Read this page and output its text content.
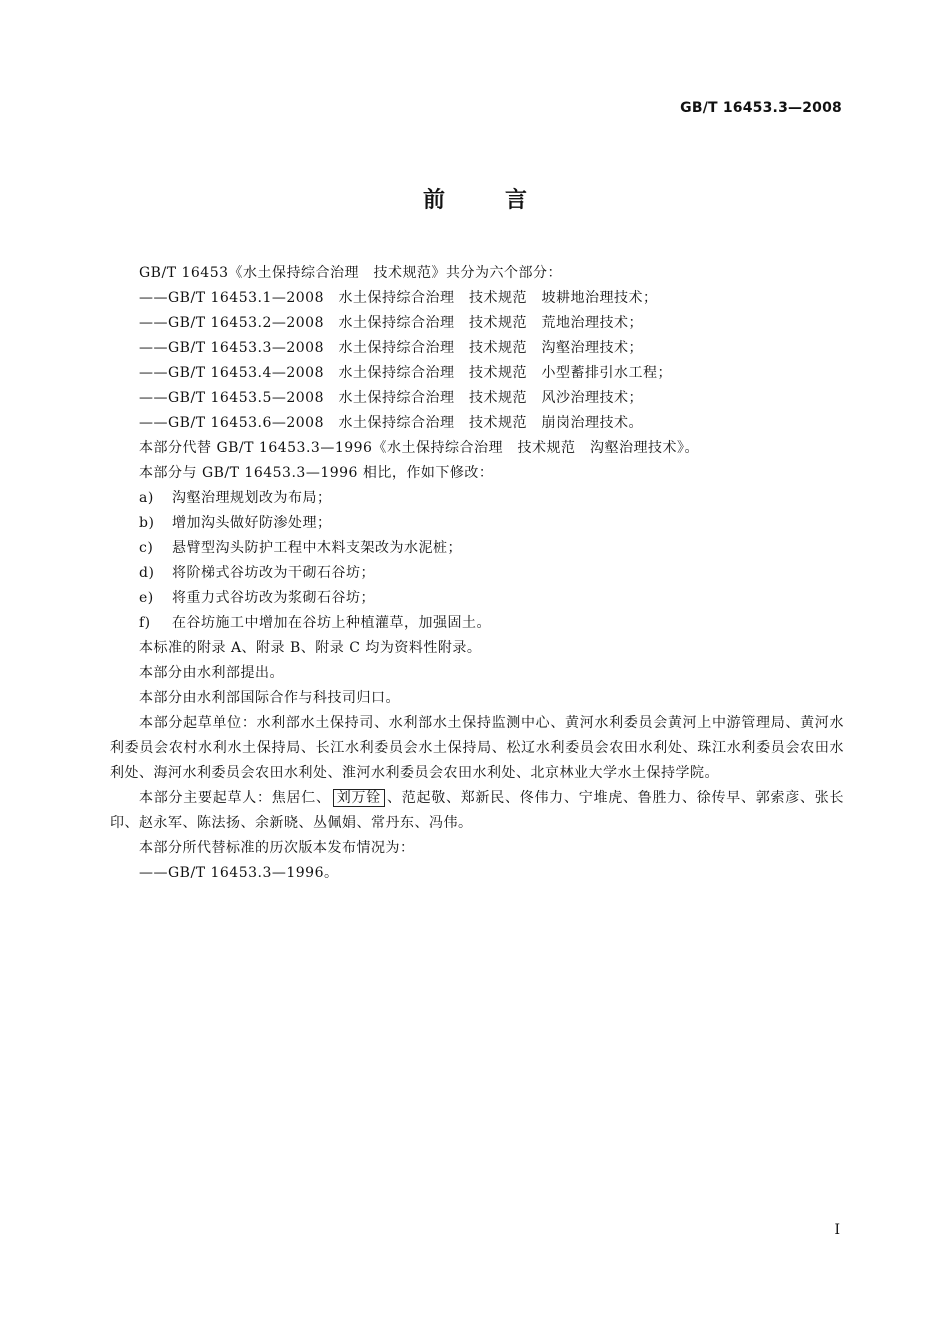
GB/T 16453.3—2008
前言

GB/T 16453《水土保持综合治理　技术规范》共分为六个部分：

——GB/T 16453.1—2008　水土保持综合治理　技术规范　坡耕地治理技术；

——GB/T 16453.2—2008　水土保持综合治理　技术规范　荒地治理技术；

——GB/T 16453.3—2008　水土保持综合治理　技术规范　沟壑治理技术；

——GB/T 16453.4—2008　水土保持综合治理　技术规范　小型蓄排引水工程；

——GB/T 16453.5—2008　水土保持综合治理　技术规范　风沙治理技术；

——GB/T 16453.6—2008　水土保持综合治理　技术规范　崩岗治理技术。

本部分代替 GB/T 16453.3—1996《水土保持综合治理　技术规范　沟壑治理技术》。

本部分与 GB/T 16453.3—1996 相比，作如下修改：

a) 沟壑治理规划改为布局；

b) 增加沟头做好防渗处理；

c) 悬臂型沟头防护工程中木料支架改为水泥桩；

d) 将阶梯式谷坊改为干砌石谷坊；

e) 将重力式谷坊改为浆砌石谷坊；

f) 在谷坊施工中增加在谷坊上种植灌草，加强固土。

本标准的附录 A、附录 B、附录 C 均为资料性附录。

本部分由水利部提出。

本部分由水利部国际合作与科技司归口。

本部分起草单位：水利部水土保持司、水利部水土保持监测中心、黄河水利委员会黄河上中游管理局、黄河水利委员会农村水利水土保持局、长江水利委员会水土保持局、松辽水利委员会农田水利处、珠江水利委员会农田水利处、海河水利委员会农田水利处、淮河水利委员会农田水利处、北京林业大学水土保持学院。

本部分主要起草人：焦居仁、 刘万铨 、范起敬、郑新民、佟伟力、宁堆虎、鲁胜力、徐传早、郭索彦、张长印、赵永军、陈法扬、余新晓、丛佩娟、常丹东、冯伟。

本部分所代替标准的历次版本发布情况为：

——GB/T 16453.3—1996。

I
